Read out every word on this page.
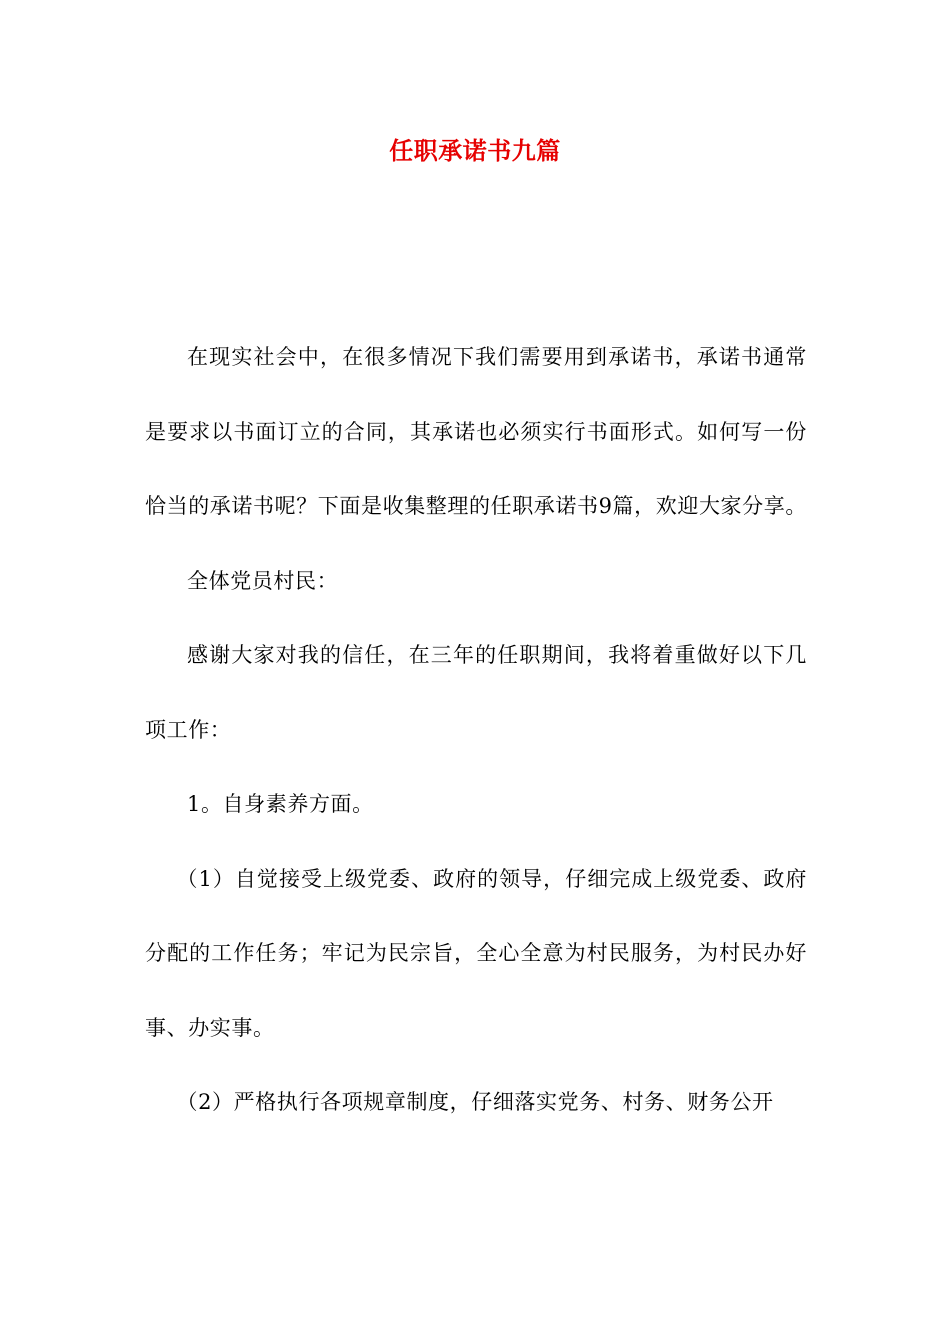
任职承诺书九篇

在现实社会中，在很多情况下我们需要用到承诺书，承诺书通常是要求以书面订立的合同，其承诺也必须实行书面形式。如何写一份恰当的承诺书呢？下面是收集整理的任职承诺书9篇，欢迎大家分享。

全体党员村民：

感谢大家对我的信任，在三年的任职期间，我将着重做好以下几项工作：

1。自身素养方面。

（1）自觉接受上级党委、政府的领导，仔细完成上级党委、政府分配的工作任务；牢记为民宗旨，全心全意为村民服务，为村民办好事、办实事。

（2）严格执行各项规章制度，仔细落实党务、村务、财务公开
